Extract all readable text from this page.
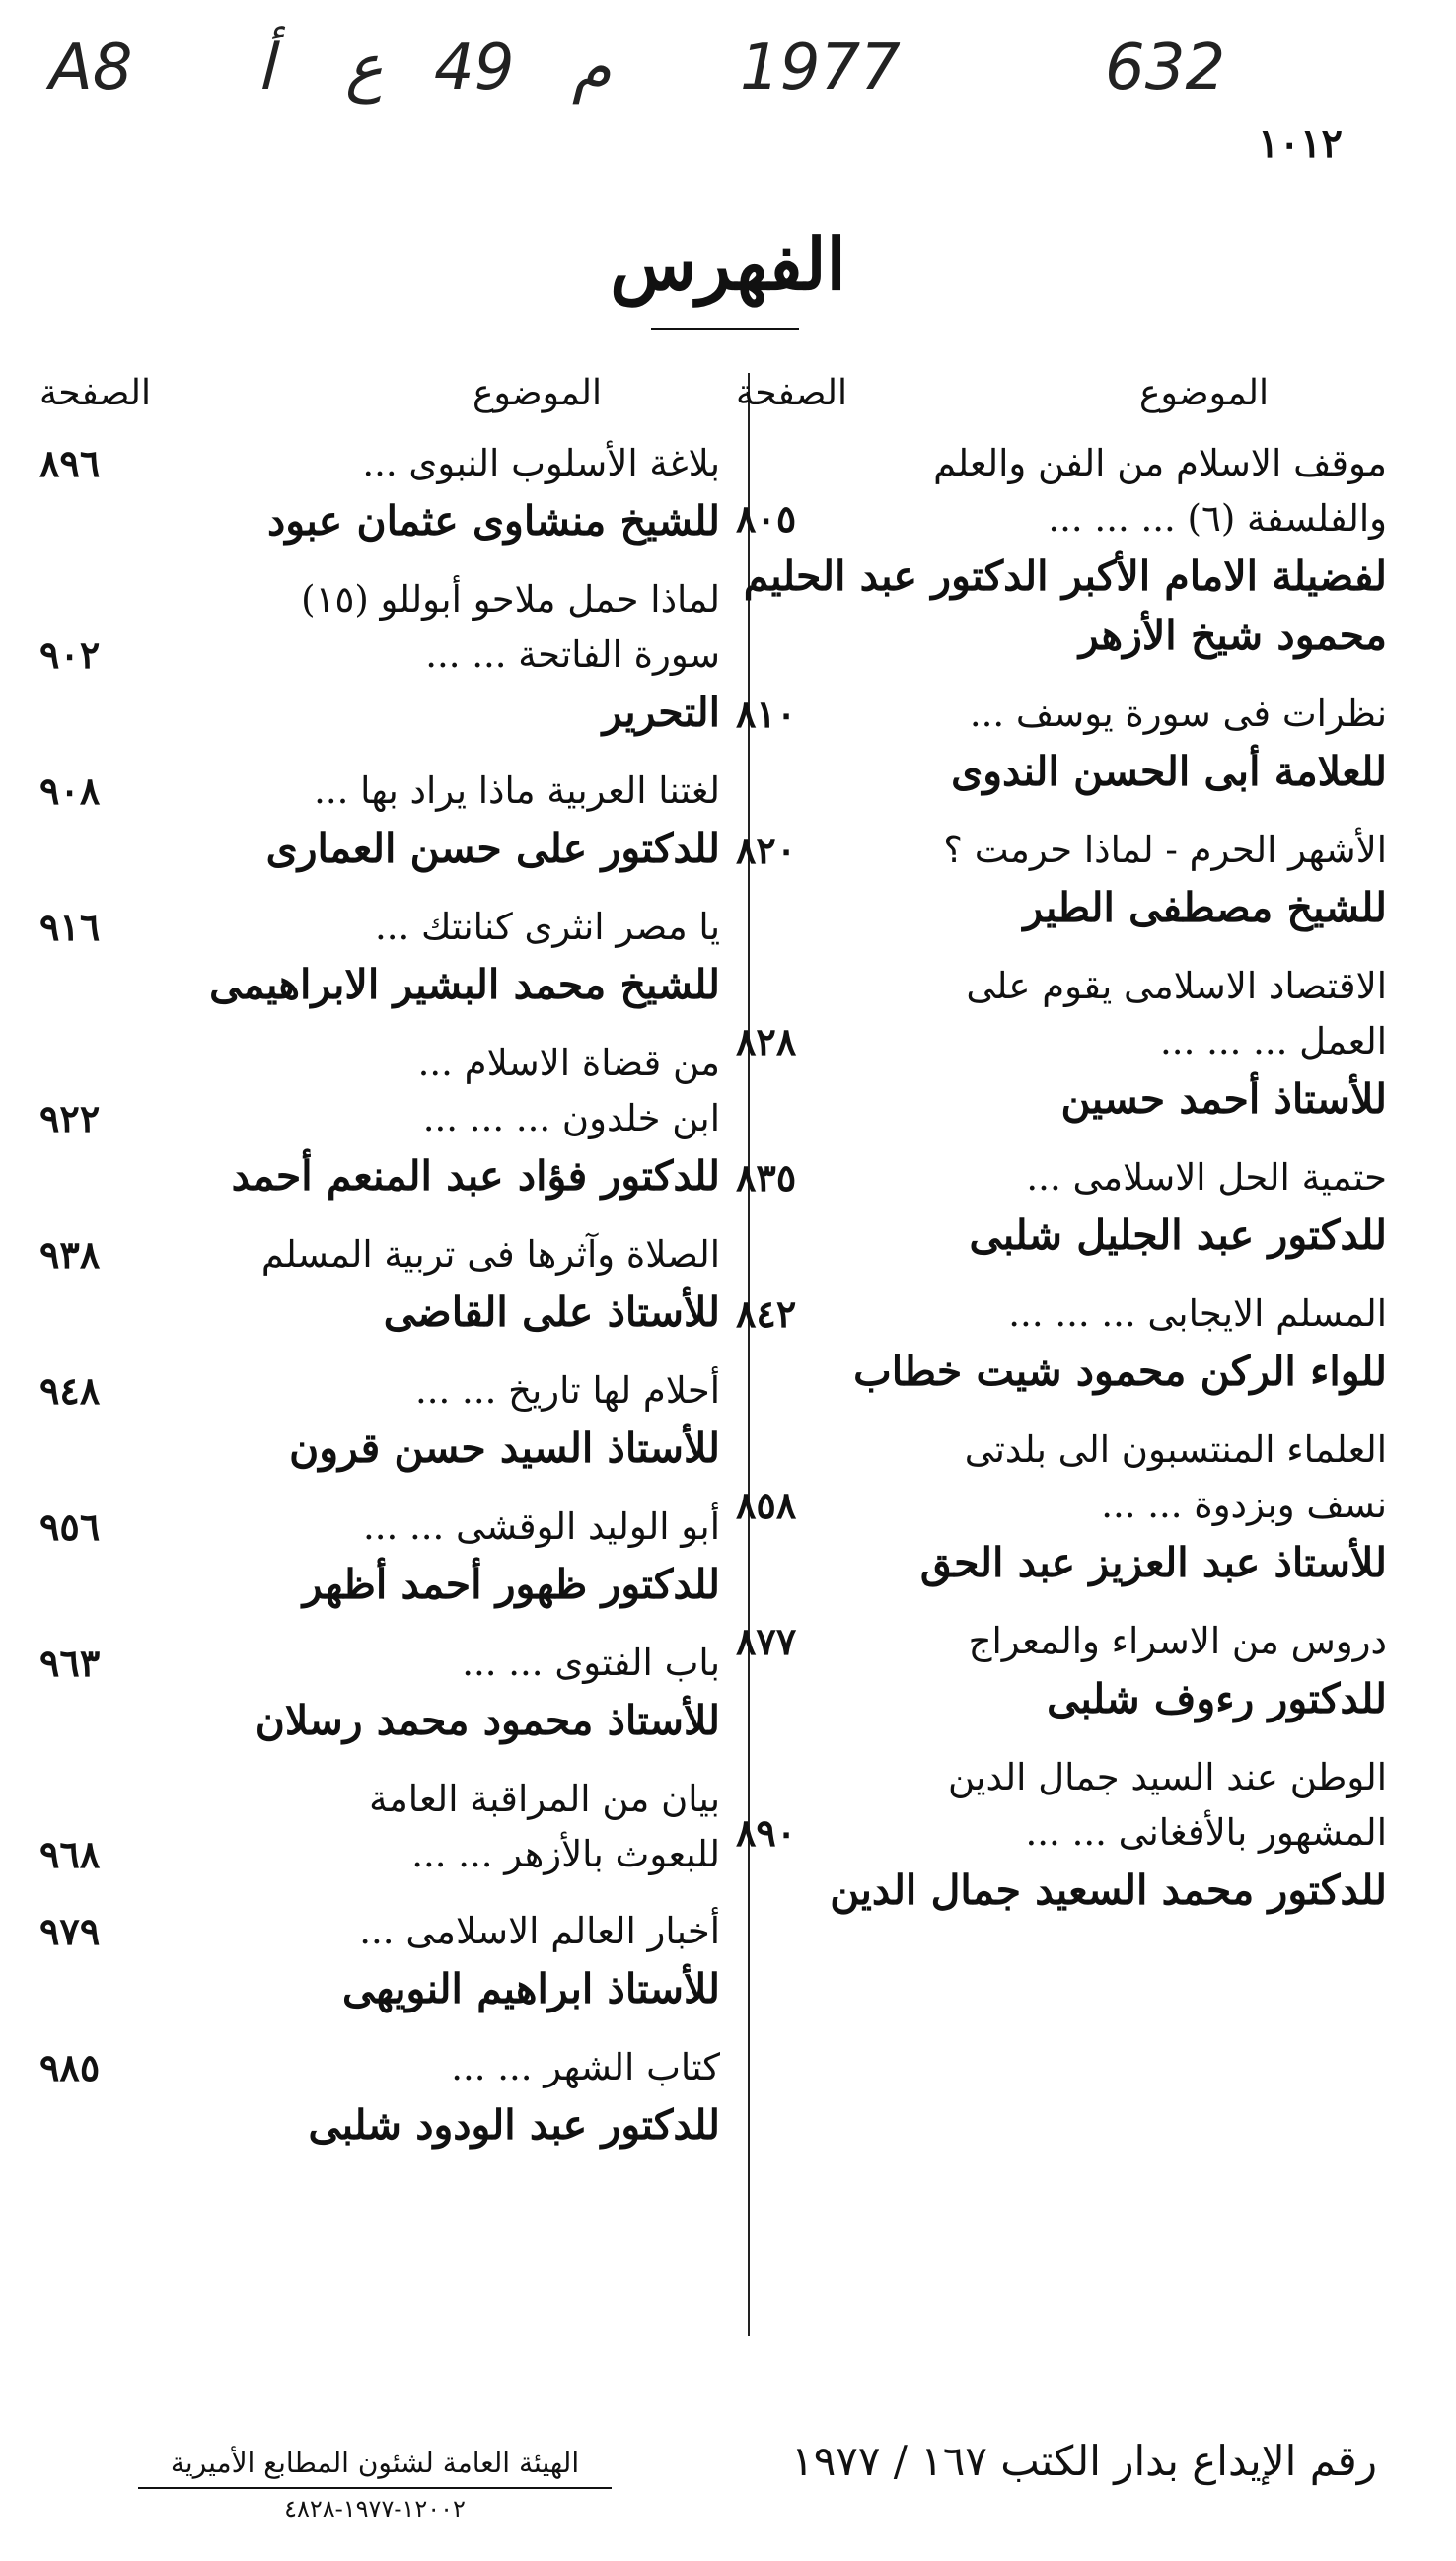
A8 أ ع 49 م 1977	632
١٠١٢
الفهرس
الموضوع
الصفحة
موقف الاسلام من الفن والعلم
والفلسفة (٦) ... ... ...
٨٠٥
لفضيلة الامام الأكبر الدكتور عبد الحليم محمود شيخ الأزهر
نظرات فى سورة يوسف ...
٨١٠
للعلامة أبى الحسن الندوى
الأشهر الحرم - لماذا حرمت ؟
٨٢٠
للشيخ مصطفى الطير
الاقتصاد الاسلامى يقوم على
العمل ... ... ...
٨٢٨
للأستاذ أحمد حسين
حتمية الحل الاسلامى ...
٨٣٥
للدكتور عبد الجليل شلبى
المسلم الايجابى ... ... ...
٨٤٢
للواء الركن محمود شيت خطاب
العلماء المنتسبون الى بلدتى
نسف وبزدوة ... ...
٨٥٨
للأستاذ عبد العزيز عبد الحق
دروس من الاسراء والمعراج
٨٧٧
للدكتور رءوف شلبى
الوطن عند السيد جمال الدين
المشهور بالأفغانى ... ...
٨٩٠
للدكتور محمد السعيد جمال الدين
الموضوع
الصفحة
بلاغة الأسلوب النبوى ...
٨٩٦
للشيخ منشاوى عثمان عبود
لماذا حمل ملاحو أبوللو (١٥)
سورة الفاتحة ... ...
٩٠٢
التحرير
لغتنا العربية ماذا يراد بها ...
٩٠٨
للدكتور على حسن العمارى
يا مصر انثرى كنانتك ...
٩١٦
للشيخ محمد البشير الابراهيمى
من قضاة الاسلام ...
ابن خلدون ... ... ...
٩٢٢
للدكتور فؤاد عبد المنعم أحمد
الصلاة وآثرها فى تربية المسلم
٩٣٨
للأستاذ على القاضى
أحلام لها تاريخ ... ...
٩٤٨
للأستاذ السيد حسن قرون
أبو الوليد الوقشى ... ...
٩٥٦
للدكتور ظهور أحمد أظهر
باب الفتوى ... ...
٩٦٣
للأستاذ محمود محمد رسلان
بيان من المراقبة العامة
للبعوث بالأزهر ... ...
٩٦٨
أخبار العالم الاسلامى ...
٩٧٩
للأستاذ ابراهيم النويهى
كتاب الشهر ... ...
٩٨٥
للدكتور عبد الودود شلبى
رقم الإيداع بدار الكتب ١٦٧ / ١٩٧٧
الهيئة العامة لشئون المطابع الأميرية
١٢٠٠٢-١٩٧٧-٤٨٢٨
